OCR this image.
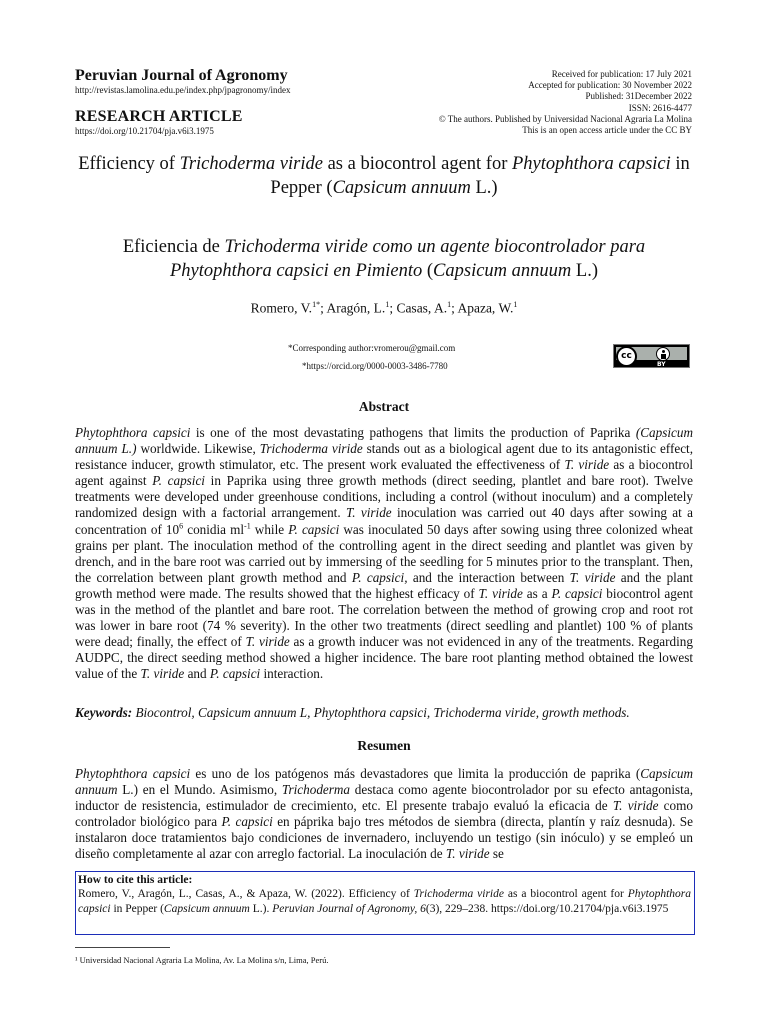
Peruvian Journal of Agronomy
http://revistas.lamolina.edu.pe/index.php/jpagronomy/index
RESEARCH ARTICLE
https://doi.org/10.21704/pja.v6i3.1975
Received for publication: 17 July 2021
Accepted for publication: 30 November 2022
Published: 31December 2022
ISSN: 2616-4477
© The authors. Published by Universidad Nacional Agraria La Molina
This is an open access article under the CC BY
Efficiency of Trichoderma viride as a biocontrol agent for Phytophthora capsici in Pepper (Capsicum annuum L.)
Eficiencia de Trichoderma viride como un agente biocontrolador para Phytophthora capsici en Pimiento (Capsicum annuum L.)
Romero, V.$^{1*}$; Aragón, L.$^1$; Casas, A.$^1$; Apaza, W.$^1$
*Corresponding author:vromerou@gmail.com
*https://orcid.org/0000-0003-3486-7780
cc
BY
Abstract
Phytophthora capsici is one of the most devastating pathogens that limits the production of Paprika (Capsicum annuum L.) worldwide. Likewise, Trichoderma viride stands out as a biological agent due to its antagonistic effect, resistance inducer, growth stimulator, etc. The present work evaluated the effectiveness of T. viride as a biocontrol agent against P. capsici in Paprika using three growth methods (direct seeding, plantlet and bare root). Twelve treatments were developed under greenhouse conditions, including a control (without inoculum) and a completely randomized design with a factorial arrangement. T. viride inoculation was carried out 40 days after sowing at a concentration of $10^6$ conidia $ml^{-1}$ while P. capsici was inoculated 50 days after sowing using three colonized wheat grains per plant. The inoculation method of the controlling agent in the direct seeding and plantlet was given by drench, and in the bare root was carried out by immersing of the seedling for 5 minutes prior to the transplant. Then, the correlation between plant growth method and P. capsici, and the interaction between T. viride and the plant growth method were made. The results showed that the highest efficacy of T. viride as a P. capsici biocontrol agent was in the method of the plantlet and bare root. The correlation between the method of growing crop and root rot was lower in bare root (74 % severity). In the other two treatments (direct seedling and plantlet) 100 % of plants were dead; finally, the effect of T. viride as a growth inducer was not evidenced in any of the treatments. Regarding AUDPC, the direct seeding method showed a higher incidence. The bare root planting method obtained the lowest value of the T. viride and P. capsici interaction.
Keywords: Biocontrol, Capsicum annuum L, Phytophthora capsici, Trichoderma viride, growth methods.
Resumen
Phytophthora capsici es uno de los patógenos más devastadores que limita la producción de paprika (Capsicum annuum L.) en el Mundo. Asimismo, Trichoderma destaca como agente biocontrolador por su efecto antagonista, inductor de resistencia, estimulador de crecimiento, etc. El presente trabajo evaluó la eficacia de T. viride como controlador biológico para P. capsici en páprika bajo tres métodos de siembra (directa, plantín y raíz desnuda). Se instalaron doce tratamientos bajo condiciones de invernadero, incluyendo un testigo (sin inóculo) y se empleó un diseño completamente al azar con arreglo factorial. La inoculación de T. viride se
How to cite this article:
Romero, V., Aragón, L., Casas, A., & Apaza, W. (2022). Efficiency of Trichoderma viride as a biocontrol agent for Phytophthora capsici in Pepper (Capsicum annuum L.). Peruvian Journal of Agronomy, 6(3), 229–238. https://doi.org/10.21704/pja.v6i3.1975
¹ Universidad Nacional Agraria La Molina, Av. La Molina s/n, Lima, Perú.
